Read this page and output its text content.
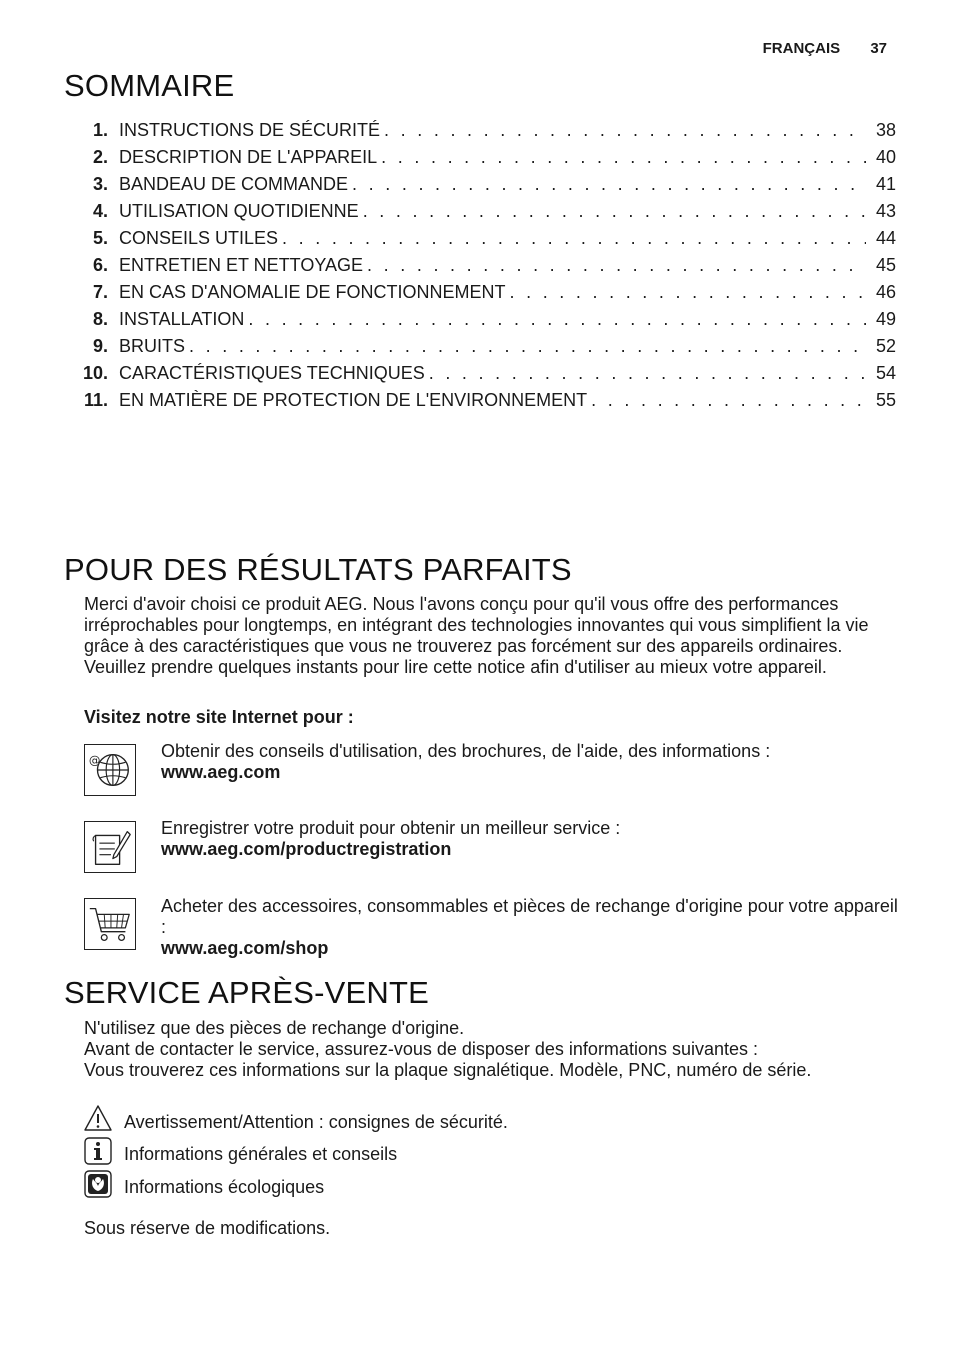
FRANÇAIS 37
SOMMAIRE
1. INSTRUCTIONS DE SÉCURITÉ . . .	38
2. DESCRIPTION DE L'APPAREIL . . .	40
3. BANDEAU DE COMMANDE . . .	41
4. UTILISATION QUOTIDIENNE . . .	43
5. CONSEILS UTILES . . .	44
6. ENTRETIEN ET NETTOYAGE . . .	45
7. EN CAS D'ANOMALIE DE FONCTIONNEMENT . . .	46
8. INSTALLATION . . .	49
9. BRUITS . . .	52
10. CARACTÉRISTIQUES TECHNIQUES . . .	54
11. EN MATIÈRE DE PROTECTION DE L'ENVIRONNEMENT . . .	55
POUR DES RÉSULTATS PARFAITS
Merci d'avoir choisi ce produit AEG. Nous l'avons conçu pour qu'il vous offre des performances irréprochables pour longtemps, en intégrant des technologies innovantes qui vous simplifient la vie grâce à des caractéristiques que vous ne trouverez pas forcément sur des appareils ordinaires. Veuillez prendre quelques instants pour lire cette notice afin d'utiliser au mieux votre appareil.
Visitez notre site Internet pour :
@	Obtenir des conseils d'utilisation, des brochures, de l'aide, des informations :
www.aeg.com
Enregistrer votre produit pour obtenir un meilleur service :
www.aeg.com/productregistration
Acheter des accessoires, consommables et pièces de rechange d'origine pour votre appareil :
www.aeg.com/shop
SERVICE APRÈS-VENTE
N'utilisez que des pièces de rechange d'origine.
Avant de contacter le service, assurez-vous de disposer des informations suivantes :
Vous trouverez ces informations sur la plaque signalétique. Modèle, PNC, numéro de série.
Avertissement/Attention : consignes de sécurité.
Informations générales et conseils
Informations écologiques
Sous réserve de modifications.
